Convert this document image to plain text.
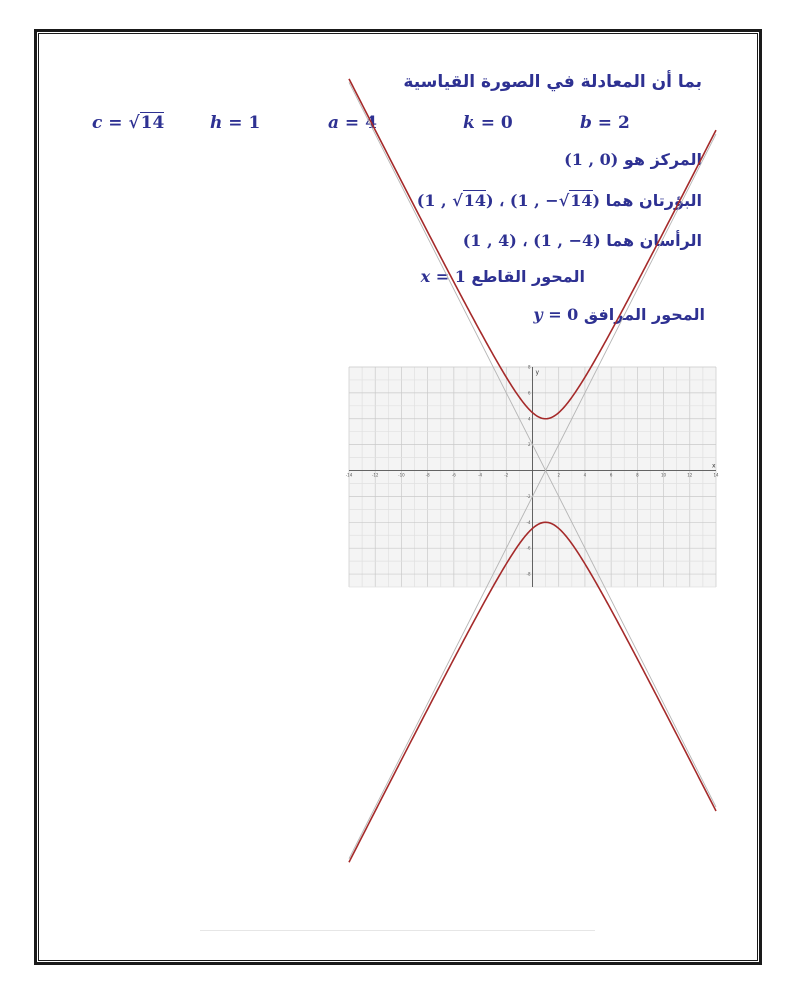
بما أن المعادلة في الصورة القياسية
c = √14	h = 1	a = 4	k = 0	b = 2
المركز هو (1 , 0)
البؤرتان هما (1 , √14) ، (1 , −√14)
الرأسان هما (1 , 4) ، (1 , −4)
المحور القاطع x = 1
المحور المرافق y = 0
x
y
-14	-12	-10	-8	-6	-4	-2	2	4	6	8	10	12	14
-8
-6
-4
-2
2
4
6
8
